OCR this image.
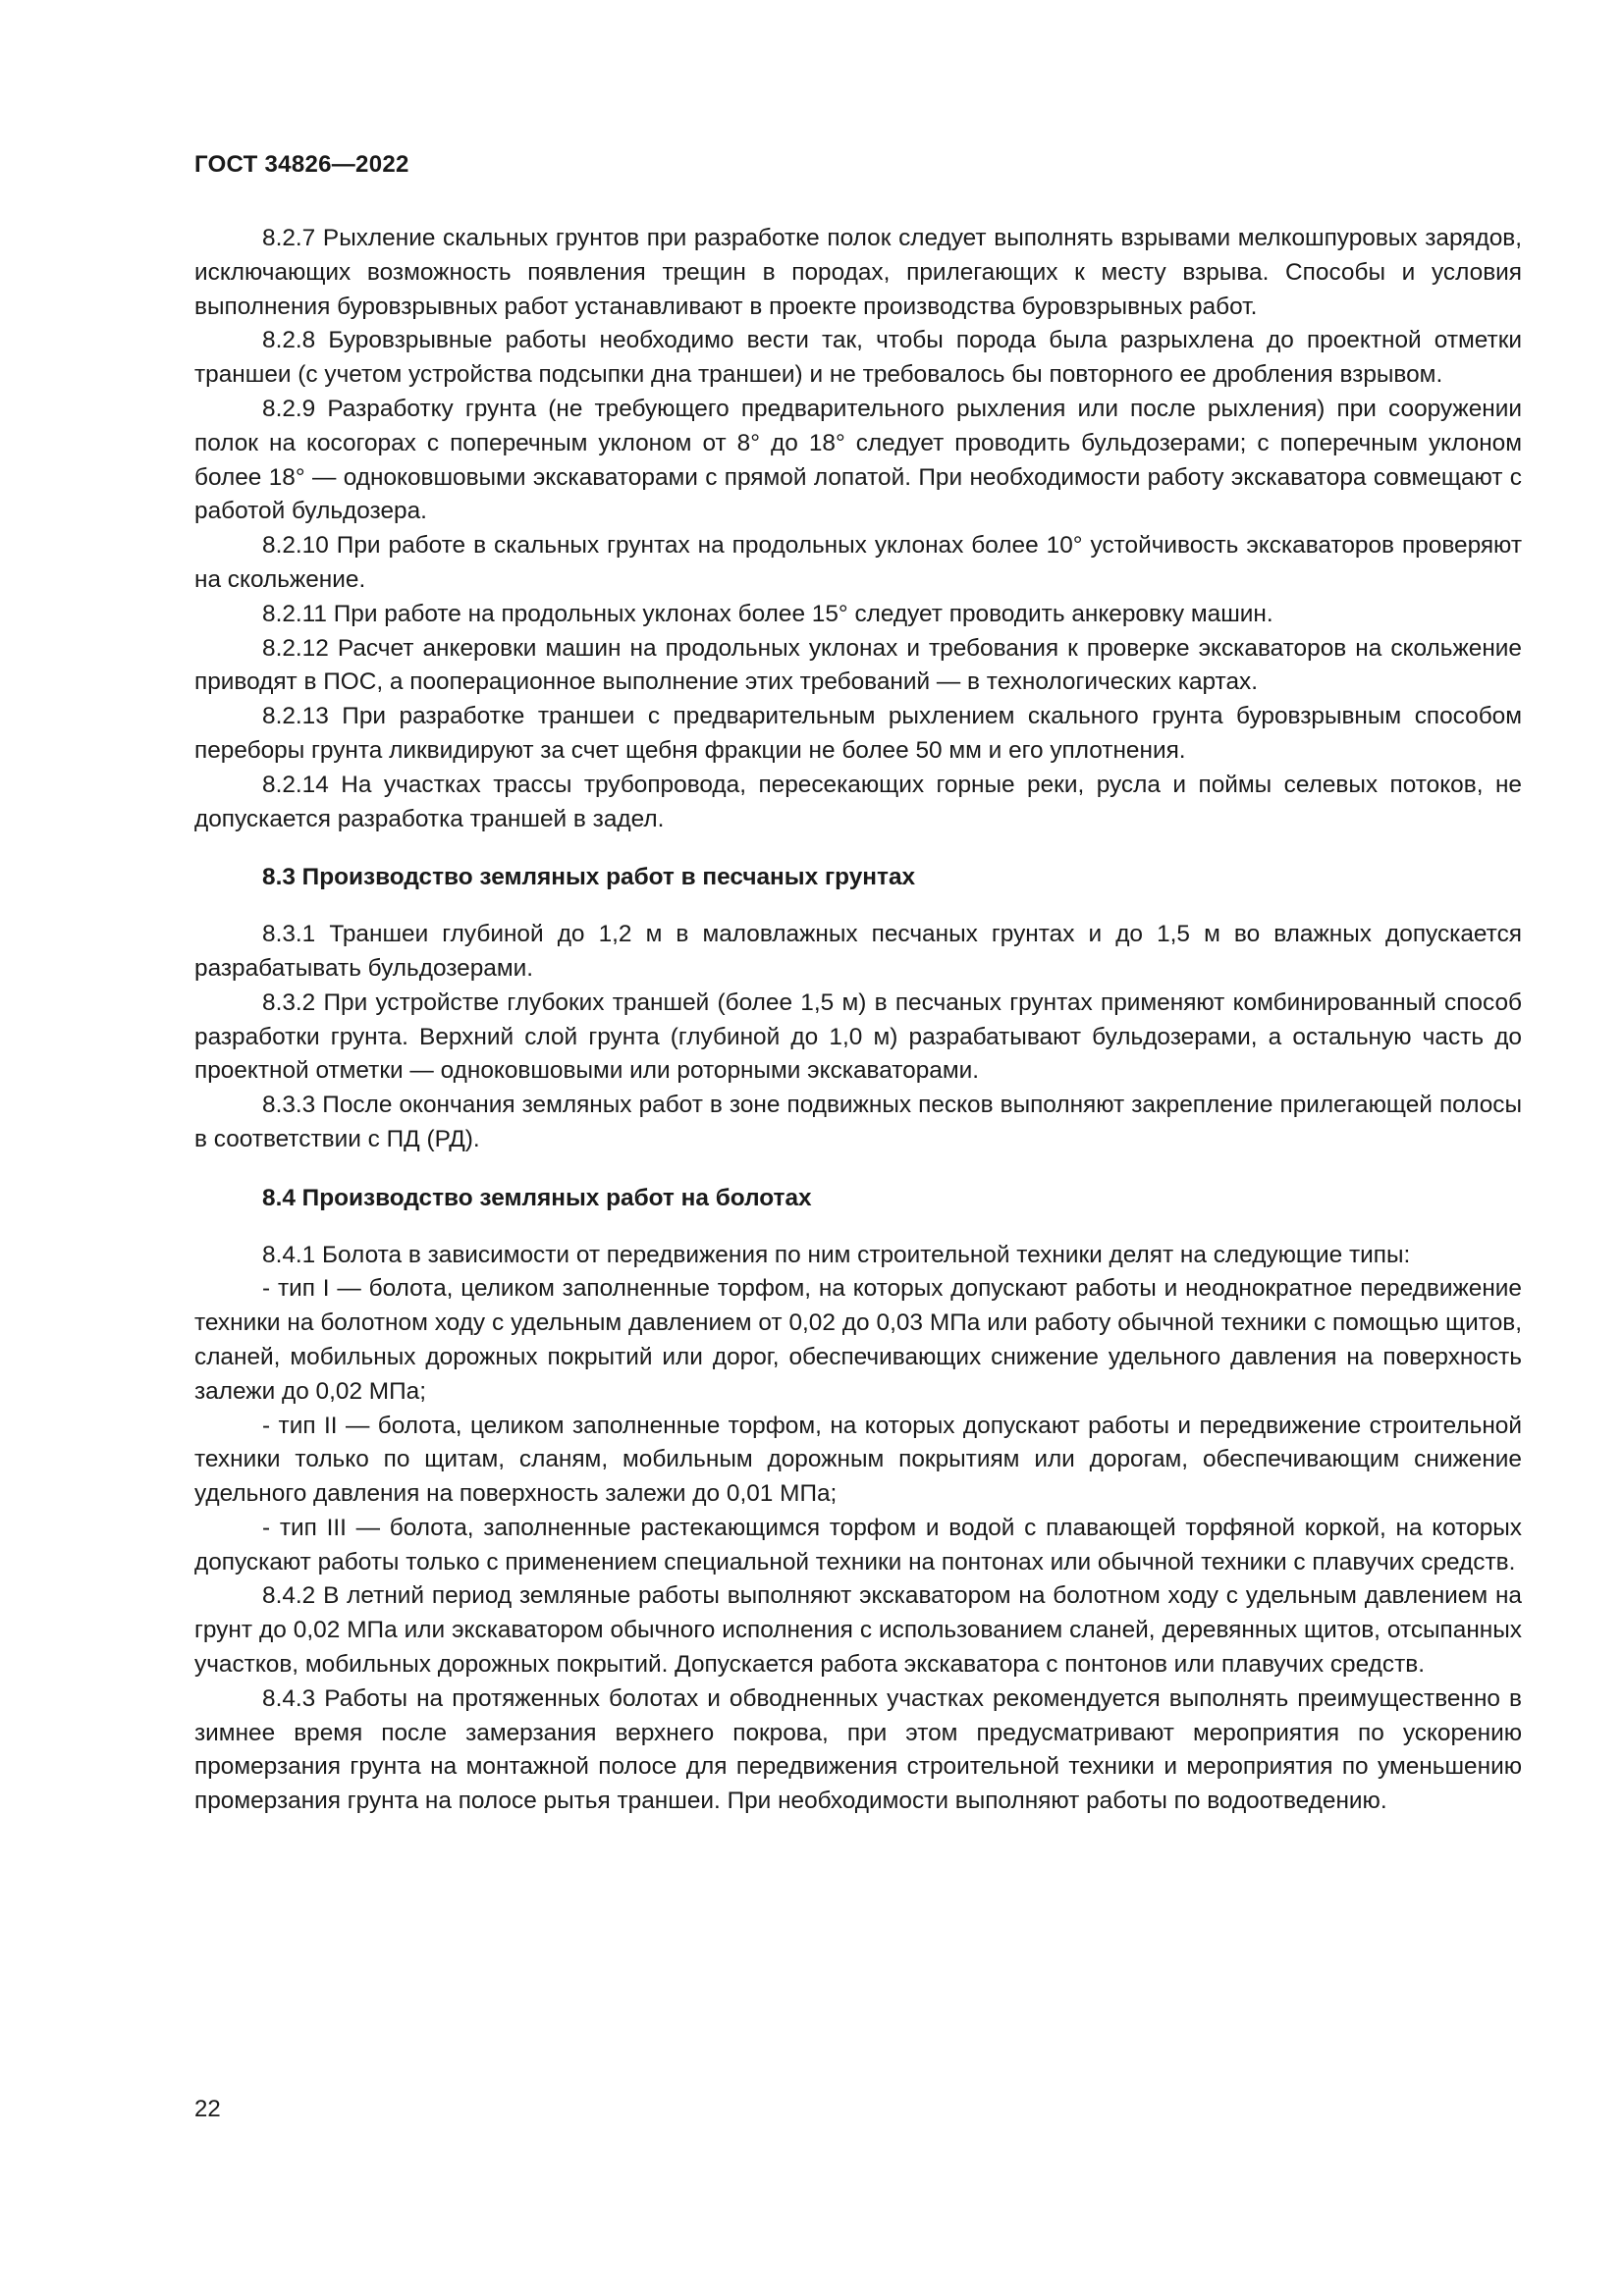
ГОСТ 34826—2022

8.2.7 Рыхление скальных грунтов при разработке полок следует выполнять взрывами мелкошпуровых зарядов, исключающих возможность появления трещин в породах, прилегающих к месту взрыва. Способы и условия выполнения буровзрывных работ устанавливают в проекте производства буровзрывных работ.

8.2.8 Буровзрывные работы необходимо вести так, чтобы порода была разрыхлена до проектной отметки траншеи (с учетом устройства подсыпки дна траншеи) и не требовалось бы повторного ее дробления взрывом.

8.2.9 Разработку грунта (не требующего предварительного рыхления или после рыхления) при сооружении полок на косогорах с поперечным уклоном от 8° до 18° следует проводить бульдозерами; с поперечным уклоном более 18° — одноковшовыми экскаваторами с прямой лопатой. При необходимости работу экскаватора совмещают с работой бульдозера.

8.2.10 При работе в скальных грунтах на продольных уклонах более 10° устойчивость экскаваторов проверяют на скольжение.

8.2.11 При работе на продольных уклонах более 15° следует проводить анкеровку машин.

8.2.12 Расчет анкеровки машин на продольных уклонах и требования к проверке экскаваторов на скольжение приводят в ПОС, а пооперационное выполнение этих требований — в технологических картах.

8.2.13 При разработке траншеи с предварительным рыхлением скального грунта буровзрывным способом переборы грунта ликвидируют за счет щебня фракции не более 50 мм и его уплотнения.

8.2.14 На участках трассы трубопровода, пересекающих горные реки, русла и поймы селевых потоков, не допускается разработка траншей в задел.

8.3 Производство земляных работ в песчаных грунтах

8.3.1 Траншеи глубиной до 1,2 м в маловлажных песчаных грунтах и до 1,5 м во влажных допускается разрабатывать бульдозерами.

8.3.2 При устройстве глубоких траншей (более 1,5 м) в песчаных грунтах применяют комбинированный способ разработки грунта. Верхний слой грунта (глубиной до 1,0 м) разрабатывают бульдозерами, а остальную часть до проектной отметки — одноковшовыми или роторными экскаваторами.

8.3.3 После окончания земляных работ в зоне подвижных песков выполняют закрепление прилегающей полосы в соответствии с ПД (РД).

8.4 Производство земляных работ на болотах

8.4.1 Болота в зависимости от передвижения по ним строительной техники делят на следующие типы:

- тип I — болота, целиком заполненные торфом, на которых допускают работы и неоднократное передвижение техники на болотном ходу с удельным давлением от 0,02 до 0,03 МПа или работу обычной техники с помощью щитов, сланей, мобильных дорожных покрытий или дорог, обеспечивающих снижение удельного давления на поверхность залежи до 0,02 МПа;

- тип II — болота, целиком заполненные торфом, на которых допускают работы и передвижение строительной техники только по щитам, сланям, мобильным дорожным покрытиям или дорогам, обеспечивающим снижение удельного давления на поверхность залежи до 0,01 МПа;

- тип III — болота, заполненные растекающимся торфом и водой с плавающей торфяной коркой, на которых допускают работы только с применением специальной техники на понтонах или обычной техники с плавучих средств.

8.4.2 В летний период земляные работы выполняют экскаватором на болотном ходу с удельным давлением на грунт до 0,02 МПа или экскаватором обычного исполнения с использованием сланей, деревянных щитов, отсыпанных участков, мобильных дорожных покрытий. Допускается работа экскаватора с понтонов или плавучих средств.

8.4.3 Работы на протяженных болотах и обводненных участках рекомендуется выполнять преимущественно в зимнее время после замерзания верхнего покрова, при этом предусматривают мероприятия по ускорению промерзания грунта на монтажной полосе для передвижения строительной техники и мероприятия по уменьшению промерзания грунта на полосе рытья траншеи. При необходимости выполняют работы по водоотведению.

22
